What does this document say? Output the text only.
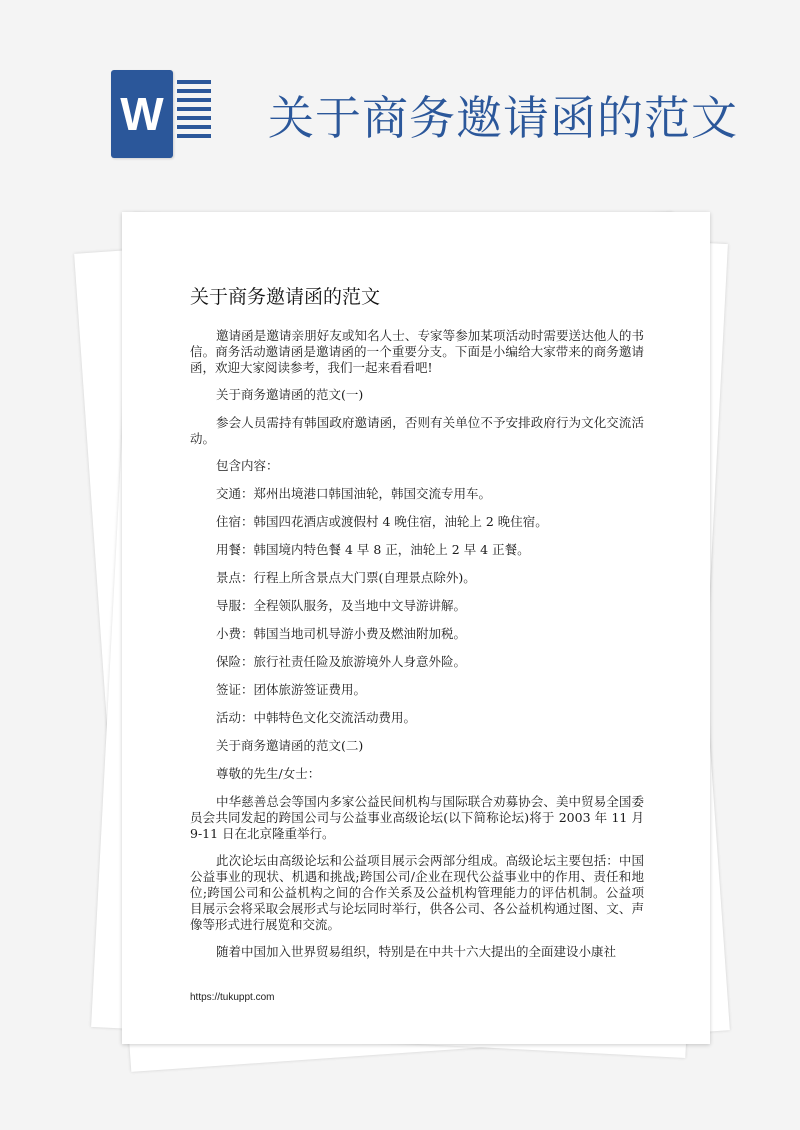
W 关于商务邀请函的范文
关于商务邀请函的范文

邀请函是邀请亲朋好友或知名人士、专家等参加某项活动时需要送达他人的书信。商务活动邀请函是邀请函的一个重要分支。下面是小编给大家带来的商务邀请函，欢迎大家阅读参考，我们一起来看看吧!

关于商务邀请函的范文(一)

参会人员需持有韩国政府邀请函，否则有关单位不予安排政府行为文化交流活动。

包含内容：

交通：郑州出境港口韩国油轮，韩国交流专用车。

住宿：韩国四花酒店或渡假村 4 晚住宿，油轮上 2 晚住宿。

用餐：韩国境内特色餐 4 早 8 正，油轮上 2 早 4 正餐。

景点：行程上所含景点大门票(自理景点除外)。

导服：全程领队服务，及当地中文导游讲解。

小费：韩国当地司机导游小费及燃油附加税。

保险：旅行社责任险及旅游境外人身意外险。

签证：团体旅游签证费用。

活动：中韩特色文化交流活动费用。

关于商务邀请函的范文(二)

尊敬的先生/女士：

中华慈善总会等国内多家公益民间机构与国际联合劝募协会、美中贸易全国委员会共同发起的跨国公司与公益事业高级论坛(以下简称论坛)将于 2003 年 11 月 9-11 日在北京隆重举行。

此次论坛由高级论坛和公益项目展示会两部分组成。高级论坛主要包括：中国公益事业的现状、机遇和挑战;跨国公司/企业在现代公益事业中的作用、责任和地位;跨国公司和公益机构之间的合作关系及公益机构管理能力的评估机制。公益项目展示会将采取会展形式与论坛同时举行，供各公司、各公益机构通过图、文、声像等形式进行展览和交流。

随着中国加入世界贸易组织，特别是在中共十六大提出的全面建设小康社

https://tukuppt.com
